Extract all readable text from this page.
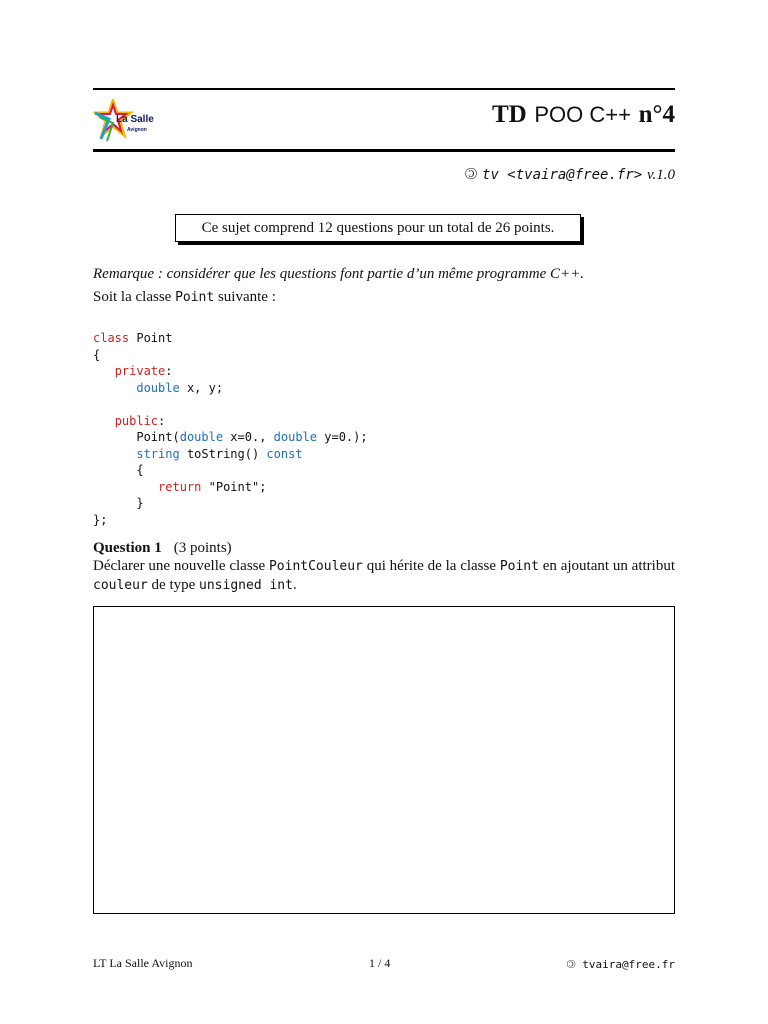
La Salle
Avignon
TD POO C++ n°4
🄯 tv <tvaira@free.fr> v.1.0
Ce sujet comprend 12 questions pour un total de 26 points.
Remarque : considérer que les questions font partie d’un même programme C++.
Soit la classe Point suivante :
class Point
{
private:
double x, y;

public:
Point(double x=0., double y=0.);
string toString() const
{
return "Point";
}
};
Question 1 (3 points)
Déclarer une nouvelle classe PointCouleur qui hérite de la classe Point en ajoutant un attribut couleur de type unsigned int.
LT La Salle Avignon	1 / 4	🄯 tvaira@free.fr
